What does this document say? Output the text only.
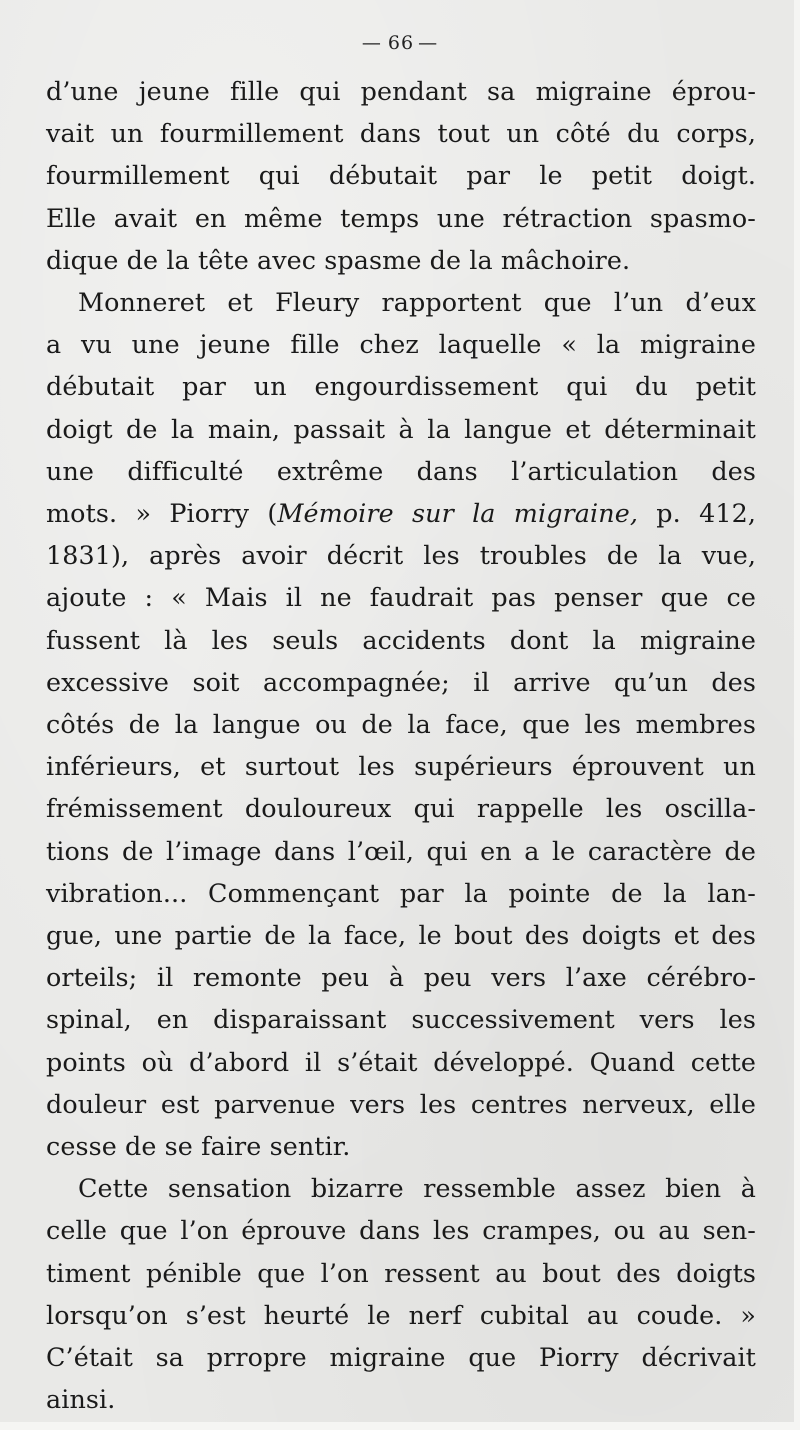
— 66 —

d’une jeune fille qui pendant sa migraine éprou-
vait un fourmillement dans tout un côté du corps,
fourmillement qui débutait par le petit doigt.
Elle avait en même temps une rétraction spasmo-
dique de la tête avec spasme de la mâchoire.

Monneret et Fleury rapportent que l’un d’eux
a vu une jeune fille chez laquelle « la migraine
débutait par un engourdissement qui du petit
doigt de la main, passait à la langue et déterminait
une difficulté extrême dans l’articulation des
mots. » Piorry (Mémoire sur la migraine, p. 412,
1831), après avoir décrit les troubles de la vue,
ajoute : « Mais il ne faudrait pas penser que ce
fussent là les seuls accidents dont la migraine
excessive soit accompagnée; il arrive qu’un des
côtés de la langue ou de la face, que les membres
inférieurs, et surtout les supérieurs éprouvent un
frémissement douloureux qui rappelle les oscilla-
tions de l’image dans l’œil, qui en a le caractère de
vibration... Commençant par la pointe de la lan-
gue, une partie de la face, le bout des doigts et des
orteils; il remonte peu à peu vers l’axe cérébro-
spinal, en disparaissant successivement vers les
points où d’abord il s’était développé. Quand cette
douleur est parvenue vers les centres nerveux, elle
cesse de se faire sentir.

Cette sensation bizarre ressemble assez bien à
celle que l’on éprouve dans les crampes, ou au sen-
timent pénible que l’on ressent au bout des doigts
lorsqu’on s’est heurté le nerf cubital au coude. »
C’était sa prropre migraine que Piorry décrivait
ainsi.
